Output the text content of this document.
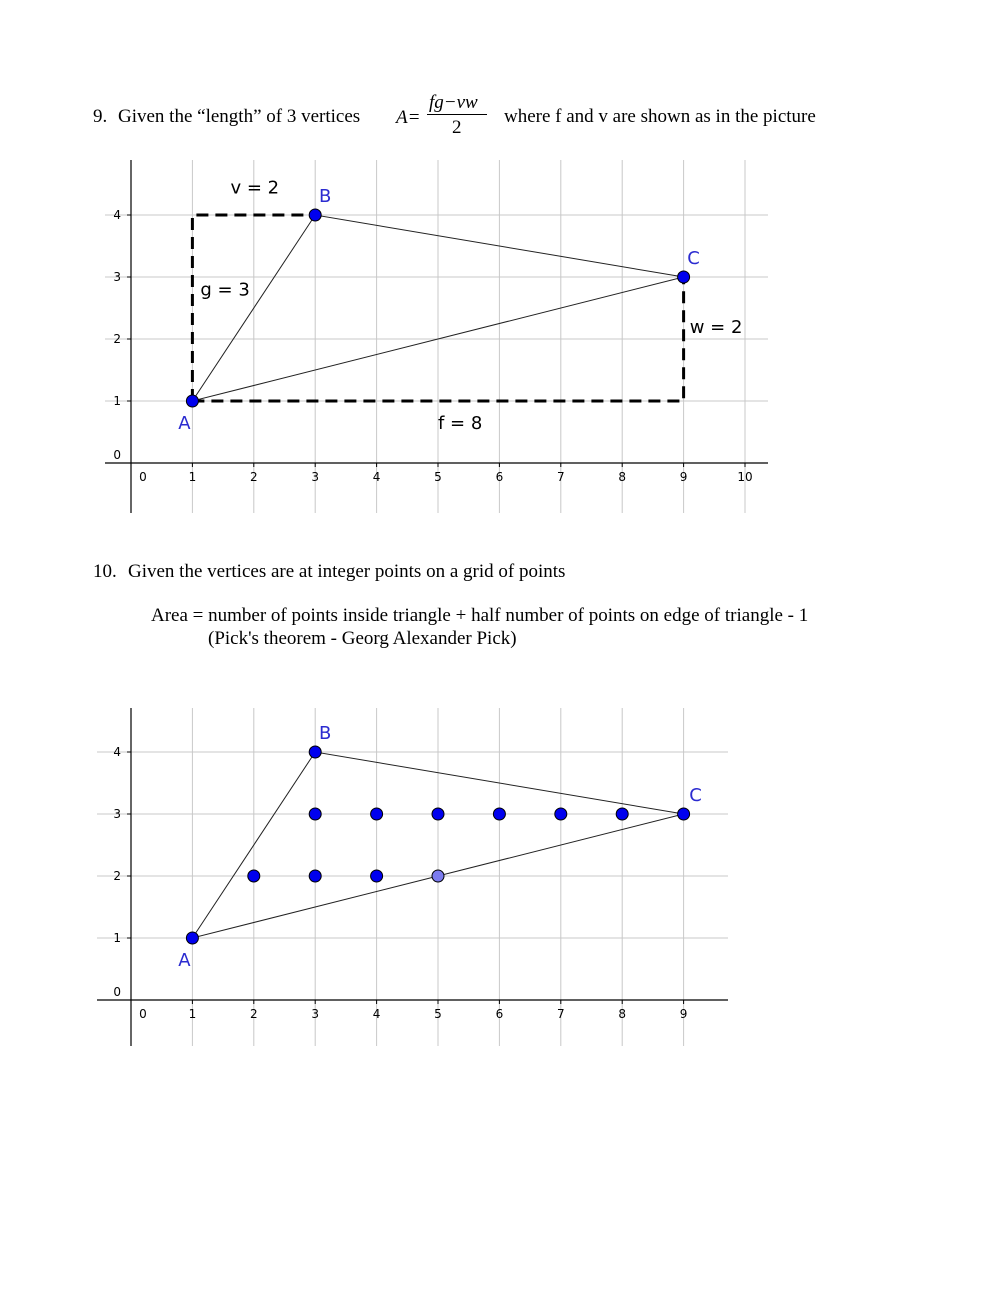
9. Given the “length” of 3 vertices A=
fg−vw
2
where f and v are shown as in the picture
10. Given the vertices are at integer points on a grid of points
Area = number of points inside triangle + half number of points on edge of triangle - 1
(Pick's theorem - Georg Alexander Pick)
0	1	2	3	4	5	6	7	8	9	10
0
1
2
3
4
A
B
C
v = 2
g = 3
w = 2
f = 8
0	1	2	3	4	5	6	7	8	9
0
1
2
3
4
A
B
C
